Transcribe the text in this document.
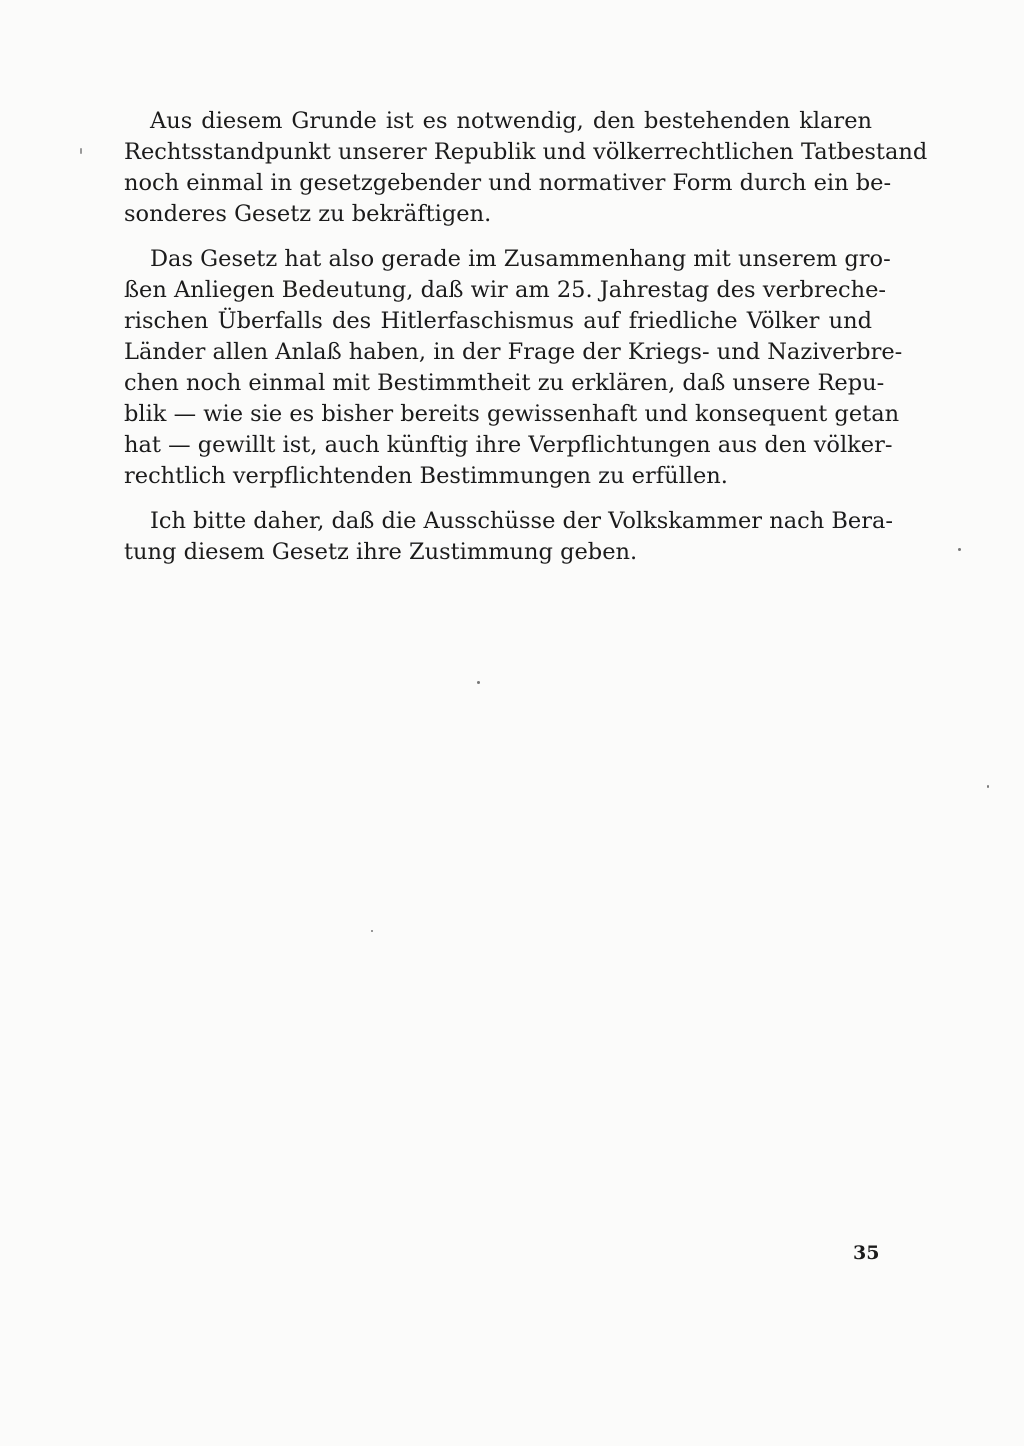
Aus diesem Grunde ist es notwendig, den bestehenden klaren
Rechtsstandpunkt unserer Republik und völkerrechtlichen Tatbestand
noch einmal in gesetzgebender und normativer Form durch ein be-
sonderes Gesetz zu bekräftigen.

Das Gesetz hat also gerade im Zusammenhang mit unserem gro-
ßen Anliegen Bedeutung, daß wir am 25. Jahrestag des verbreche-
rischen Überfalls des Hitlerfaschismus auf friedliche Völker und
Länder allen Anlaß haben, in der Frage der Kriegs- und Naziverbre-
chen noch einmal mit Bestimmtheit zu erklären, daß unsere Repu-
blik — wie sie es bisher bereits gewissenhaft und konsequent getan
hat — gewillt ist, auch künftig ihre Verpflichtungen aus den völker-
rechtlich verpflichtenden Bestimmungen zu erfüllen.

Ich bitte daher, daß die Ausschüsse der Volkskammer nach Bera-
tung diesem Gesetz ihre Zustimmung geben.

35
